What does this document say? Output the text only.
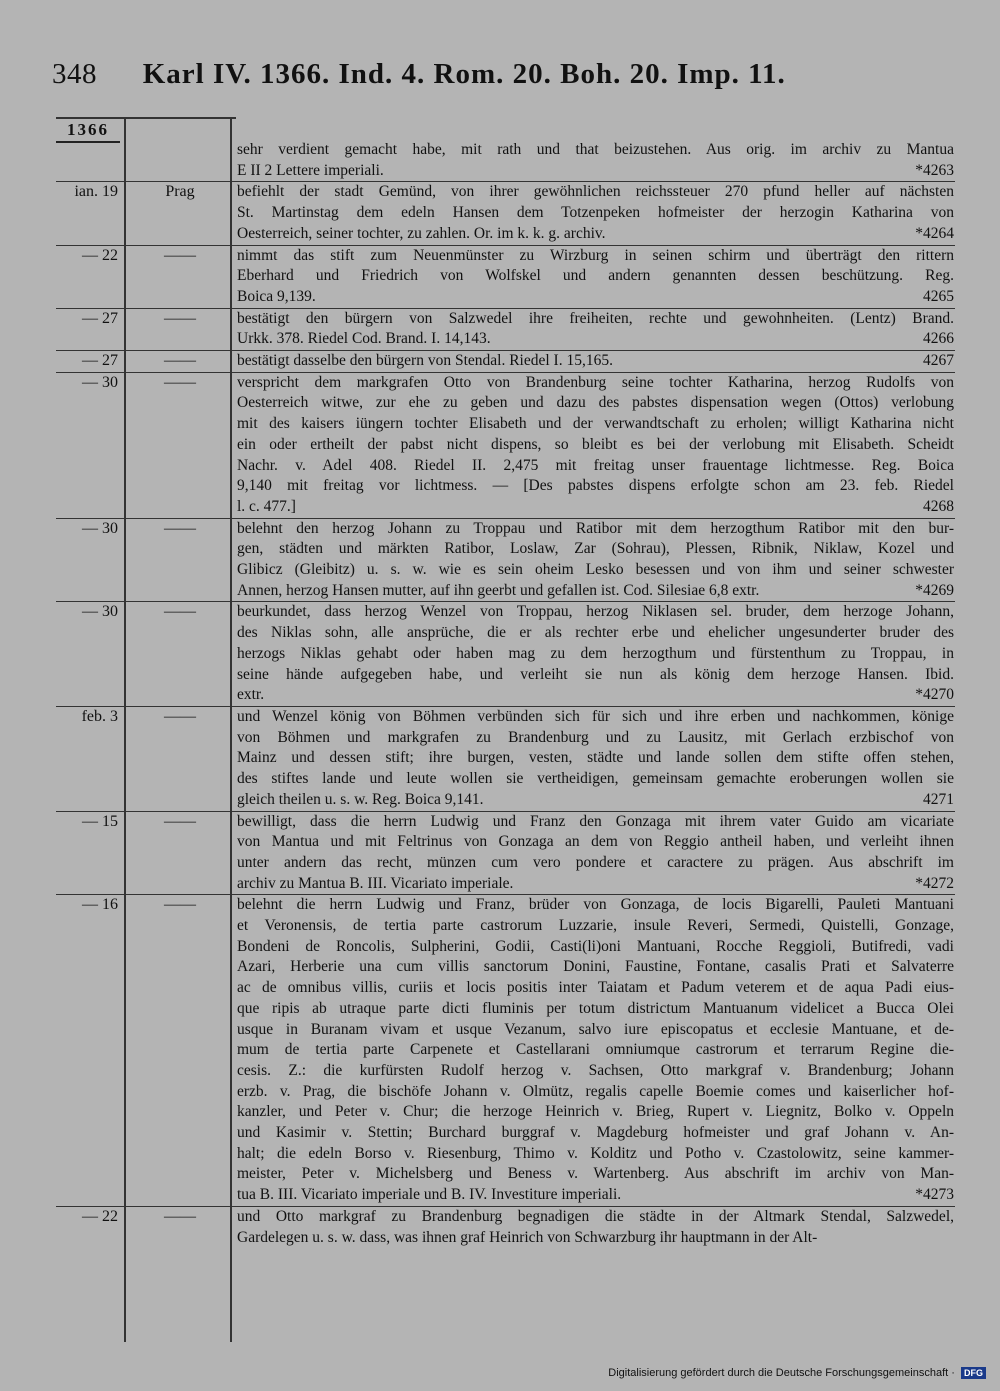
348 Karl IV. 1366. Ind. 4. Rom. 20. Boh. 20. Imp. 11.
1366
sehr verdient gemacht habe, mit rath und that beizustehen. Aus orig. im archiv zu Mantua
E II 2 Lettere imperiali.	*4263
ian. 19	Prag	befiehlt der stadt Gemünd, von ihrer gewöhnlichen reichssteuer 270 pfund heller auf nächsten
St. Martinstag dem edeln Hansen dem Totzenpeken hofmeister der herzogin Katharina von
Oesterreich, seiner tochter, zu zahlen. Or. im k. k. g. archiv.	*4264
— 22	——	nimmt das stift zum Neuenmünster zu Wirzburg in seinen schirm und überträgt den rittern
Eberhard und Friedrich von Wolfskel und andern genannten dessen beschützung. Reg.
Boica 9,139.	4265
— 27	——	bestätigt den bürgern von Salzwedel ihre freiheiten, rechte und gewohnheiten. (Lentz) Brand.
Urkk. 378. Riedel Cod. Brand. I. 14,143.	4266
— 27	——	bestätigt dasselbe den bürgern von Stendal. Riedel I. 15,165.	4267
— 30	——	verspricht dem markgrafen Otto von Brandenburg seine tochter Katharina, herzog Rudolfs von
Oesterreich witwe, zur ehe zu geben und dazu des pabstes dispensation wegen (Ottos) verlobung
mit des kaisers iüngern tochter Elisabeth und der verwandtschaft zu erholen; willigt Katharina nicht
ein oder ertheilt der pabst nicht dispens, so bleibt es bei der verlobung mit Elisabeth. Scheidt
Nachr. v. Adel 408. Riedel II. 2,475 mit freitag unser frauentage lichtmesse. Reg. Boica
9,140 mit freitag vor lichtmess. — [Des pabstes dispens erfolgte schon am 23. feb. Riedel
l. c. 477.]	4268
— 30	——	belehnt den herzog Johann zu Troppau und Ratibor mit dem herzogthum Ratibor mit den bur-
gen, städten und märkten Ratibor, Loslaw, Zar (Sohrau), Plessen, Ribnik, Niklaw, Kozel und
Glibicz (Gleibitz) u. s. w. wie es sein oheim Lesko besessen und von ihm und seiner schwester
Annen, herzog Hansen mutter, auf ihn geerbt und gefallen ist. Cod. Silesiae 6,8 extr.	*4269
— 30	——	beurkundet, dass herzog Wenzel von Troppau, herzog Niklasen sel. bruder, dem herzoge Johann,
des Niklas sohn, alle ansprüche, die er als rechter erbe und ehelicher ungesunderter bruder des
herzogs Niklas gehabt oder haben mag zu dem herzogthum und fürstenthum zu Troppau, in
seine hände aufgegeben habe, und verleiht sie nun als könig dem herzoge Hansen. Ibid.
extr.	*4270
feb. 3	——	und Wenzel könig von Böhmen verbünden sich für sich und ihre erben und nachkommen, könige
von Böhmen und markgrafen zu Brandenburg und zu Lausitz, mit Gerlach erzbischof von
Mainz und dessen stift; ihre burgen, vesten, städte und lande sollen dem stifte offen stehen,
des stiftes lande und leute wollen sie vertheidigen, gemeinsam gemachte eroberungen wollen sie
gleich theilen u. s. w. Reg. Boica 9,141.	4271
— 15	——	bewilligt, dass die herrn Ludwig und Franz den Gonzaga mit ihrem vater Guido am vicariate
von Mantua und mit Feltrinus von Gonzaga an dem von Reggio antheil haben, und verleiht ihnen
unter andern das recht, münzen cum vero pondere et caractere zu prägen. Aus abschrift im
archiv zu Mantua B. III. Vicariato imperiale.	*4272
— 16	——	belehnt die herrn Ludwig und Franz, brüder von Gonzaga, de locis Bigarelli, Pauleti Mantuani
et Veronensis, de tertia parte castrorum Luzzarie, insule Reveri, Sermedi, Quistelli, Gonzage,
Bondeni de Roncolis, Sulpherini, Godii, Casti(li)oni Mantuani, Rocche Reggioli, Butifredi, vadi
Azari, Herberie una cum villis sanctorum Donini, Faustine, Fontane, casalis Prati et Salvaterre
ac de omnibus villis, curiis et locis positis inter Taiatam et Padum veterem et de aqua Padi eius-
que ripis ab utraque parte dicti fluminis per totum districtum Mantuanum videlicet a Bucca Olei
usque in Buranam vivam et usque Vezanum, salvo iure episcopatus et ecclesie Mantuane, et de-
mum de tertia parte Carpenete et Castellarani omniumque castrorum et terrarum Regine die-
cesis. Z.: die kurfürsten Rudolf herzog v. Sachsen, Otto markgraf v. Brandenburg; Johann
erzb. v. Prag, die bischöfe Johann v. Olmütz, regalis capelle Boemie comes und kaiserlicher hof-
kanzler, und Peter v. Chur; die herzoge Heinrich v. Brieg, Rupert v. Liegnitz, Bolko v. Oppeln
und Kasimir v. Stettin; Burchard burggraf v. Magdeburg hofmeister und graf Johann v. An-
halt; die edeln Borso v. Riesenburg, Thimo v. Kolditz und Potho v. Czastolowitz, seine kammer-
meister, Peter v. Michelsberg und Beness v. Wartenberg. Aus abschrift im archiv von Man-
tua B. III. Vicariato imperiale und B. IV. Investiture imperiali.	*4273
— 22	——	und Otto markgraf zu Brandenburg begnadigen die städte in der Altmark Stendal, Salzwedel,
Gardelegen u. s. w. dass, was ihnen graf Heinrich von Schwarzburg ihr hauptmann in der Alt-
Digitalisierung gefördert durch die Deutsche Forschungsgemeinschaft · DFG
